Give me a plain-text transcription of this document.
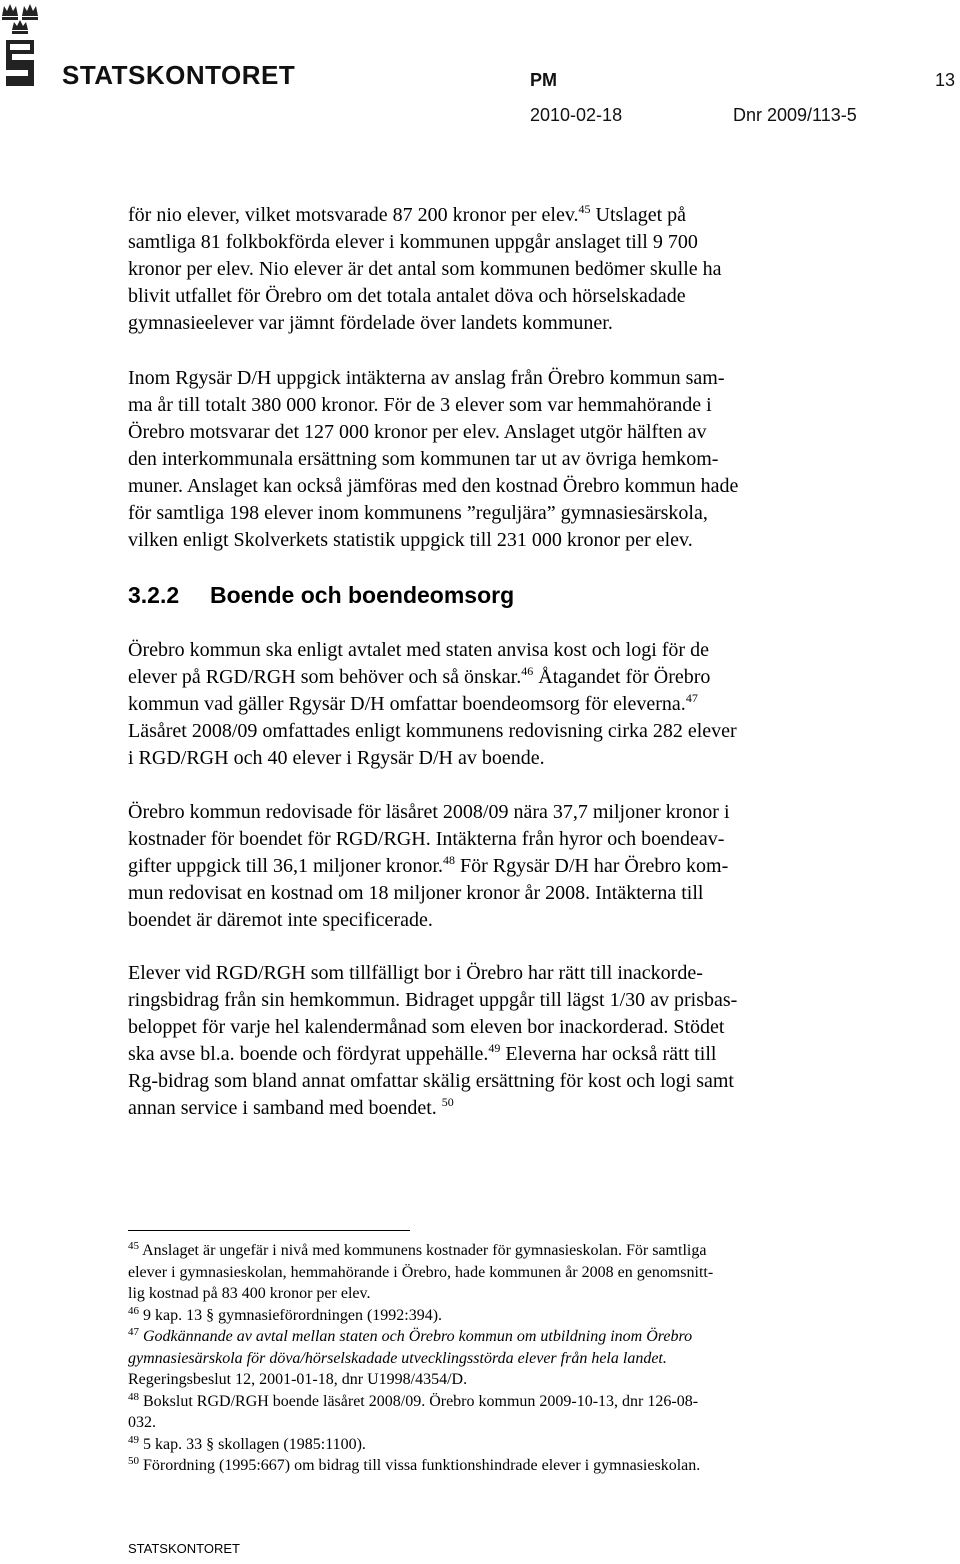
STATSKONTORET	PM	13
2010-02-18	Dnr 2009/113-5
för nio elever, vilket motsvarade 87 200 kronor per elev.$^{45}$ Utslaget på
samtliga 81 folkbokförda elever i kommunen uppgår anslaget till 9 700
kronor per elev. Nio elever är det antal som kommunen bedömer skulle ha
blivit utfallet för Örebro om det totala antalet döva och hörselskadade
gymnasieelever var jämnt fördelade över landets kommuner.
Inom Rgysär D/H uppgick intäkterna av anslag från Örebro kommun sam-
ma år till totalt 380 000 kronor. För de 3 elever som var hemmahörande i
Örebro motsvarar det 127 000 kronor per elev. Anslaget utgör hälften av
den interkommunala ersättning som kommunen tar ut av övriga hemkom-
muner. Anslaget kan också jämföras med den kostnad Örebro kommun hade
för samtliga 198 elever inom kommunens ”reguljära” gymnasiesärskola,
vilken enligt Skolverkets statistik uppgick till 231 000 kronor per elev.
3.2.2 Boende och boendeomsorg
Örebro kommun ska enligt avtalet med staten anvisa kost och logi för de
elever på RGD/RGH som behöver och så önskar.$^{46}$ Åtagandet för Örebro
kommun vad gäller Rgysär D/H omfattar boendeomsorg för eleverna.$^{47}$
Läsåret 2008/09 omfattades enligt kommunens redovisning cirka 282 elever
i RGD/RGH och 40 elever i Rgysär D/H av boende.
Örebro kommun redovisade för läsåret 2008/09 nära 37,7 miljoner kronor i
kostnader för boendet för RGD/RGH. Intäkterna från hyror och boendeav-
gifter uppgick till 36,1 miljoner kronor.$^{48}$ För Rgysär D/H har Örebro kom-
mun redovisat en kostnad om 18 miljoner kronor år 2008. Intäkterna till
boendet är däremot inte specificerade.
Elever vid RGD/RGH som tillfälligt bor i Örebro har rätt till inackorde-
ringsbidrag från sin hemkommun. Bidraget uppgår till lägst 1/30 av prisbas-
beloppet för varje hel kalendermånad som eleven bor inackorderad. Stödet
ska avse bl.a. boende och fördyrat uppehälle.$^{49}$ Eleverna har också rätt till
Rg-bidrag som bland annat omfattar skälig ersättning för kost och logi samt
annan service i samband med boendet. $^{50}$
$^{45}$ Anslaget är ungefär i nivå med kommunens kostnader för gymnasieskolan. För samtliga
elever i gymnasieskolan, hemmahörande i Örebro, hade kommunen år 2008 en genomsnitt-
lig kostnad på 83 400 kronor per elev.
$^{46}$ 9 kap. 13 § gymnasieförordningen (1992:394).
$^{47}$ Godkännande av avtal mellan staten och Örebro kommun om utbildning inom Örebro
gymnasiesärskola för döva/hörselskadade utvecklingsstörda elever från hela landet.
Regeringsbeslut 12, 2001-01-18, dnr U1998/4354/D.
$^{48}$ Bokslut RGD/RGH boende läsåret 2008/09. Örebro kommun 2009-10-13, dnr 126-08-
032.
$^{49}$ 5 kap. 33 § skollagen (1985:1100).
$^{50}$ Förordning (1995:667) om bidrag till vissa funktionshindrade elever i gymnasieskolan.
STATSKONTORET
